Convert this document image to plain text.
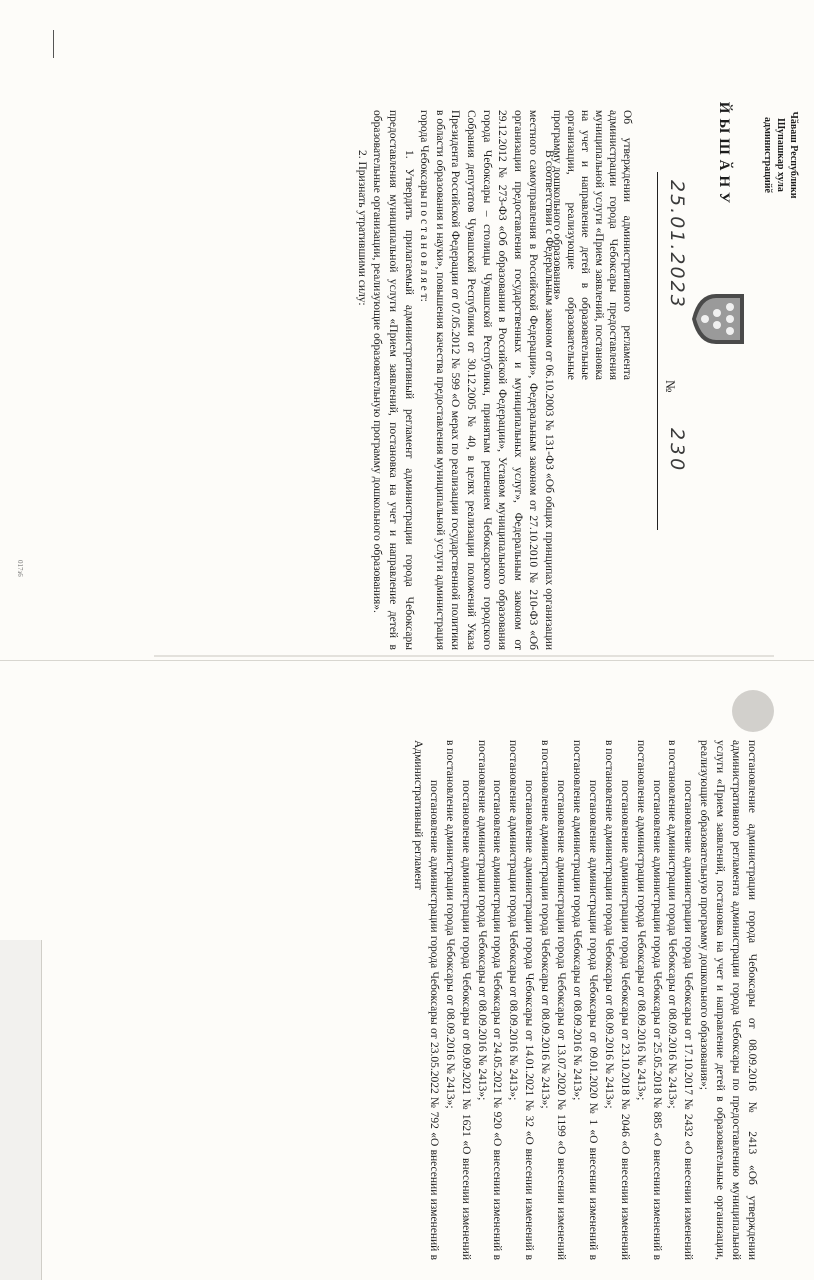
Чӑваш Республики
Шупашкар хула
администрацийӗ
ЙЫШӐНУ
25.01.2023
№
230
Об утверждении административного регламента администрации города Чебоксары предоставления муниципальной услуги «Прием заявлений, постановка на учет и направление детей в образовательные организации, реализующие образовательные программу дошкольного образования»

В соответствии с Федеральным законом от 06.10.2003 № 131-ФЗ «Об общих принципах организации местного самоуправления в Российской Федерации», Федеральным законом от 27.10.2010 № 210-ФЗ «Об организации предоставления государственных и муниципальных услуг», Федеральным законом от 29.12.2012 № 273-ФЗ «Об образовании в Российской Федерации», Уставом муниципального образования города Чебоксары – столицы Чувашской Республики, принятым решением Чебоксарского городского Собрания депутатов Чувашской Республики от 30.12.2005 № 40, в целях реализации положений Указа Президента Российской Федерации от 07.05.2012 № 599 «О мерах по реализации государственной политики в области образования и науки», повышения качества предоставления муниципальной услуги администрация города Чебоксары п о с т а н о в л я е т:

1. Утвердить прилагаемый административный регламент администрации города Чебоксары предоставления муниципальной услуги «Прием заявлений, постановка на учет и направление детей в образовательные организации, реализующие образовательную программу дошкольного образования».

2. Признать утратившими силу:

017з6

постановление администрации города Чебоксары от 08.09.2016 № 2413 «Об утверждении административного регламента администрации города Чебоксары по предоставлению муниципальной услуги «Прием заявлений, постановка на учет и направление детей в образовательные организации, реализующие образовательную программу дошкольного образования»;

постановление администрации города Чебоксары от 17.10.2017 № 2432 «О внесении изменений в постановление администрации города Чебоксары от 08.09.2016 № 2413»;

постановление администрации города Чебоксары от 25.05.2018 № 885 «О внесении изменений в постановление администрации города Чебоксары от 08.09.2016 № 2413»;

постановление администрации города Чебоксары от 23.10.2018 № 2046 «О внесении изменений в постановление администрации города Чебоксары от 08.09.2016 № 2413»;

постановление администрации города Чебоксары от 09.01.2020 № 1 «О внесении изменений в постановление администрации города Чебоксары от 08.09.2016 № 2413»;

постановление администрации города Чебоксары от 13.07.2020 № 1199 «О внесении изменений в постановление администрации города Чебоксары от 08.09.2016 № 2413»;

постановление администрации города Чебоксары от 14.01.2021 № 32 «О внесении изменений в постановление администрации города Чебоксары от 08.09.2016 № 2413»;

постановление администрации города Чебоксары от 24.05.2021 № 920 «О внесении изменений в постановление администрации города Чебоксары от 08.09.2016 № 2413»;

постановление администрации города Чебоксары от 09.09.2021 № 1621 «О внесении изменений в постановление администрации города Чебоксары от 08.09.2016 № 2413»;

постановление администрации города Чебоксары от 23.05.2022 № 792 «О внесении изменений в Административный регламент
